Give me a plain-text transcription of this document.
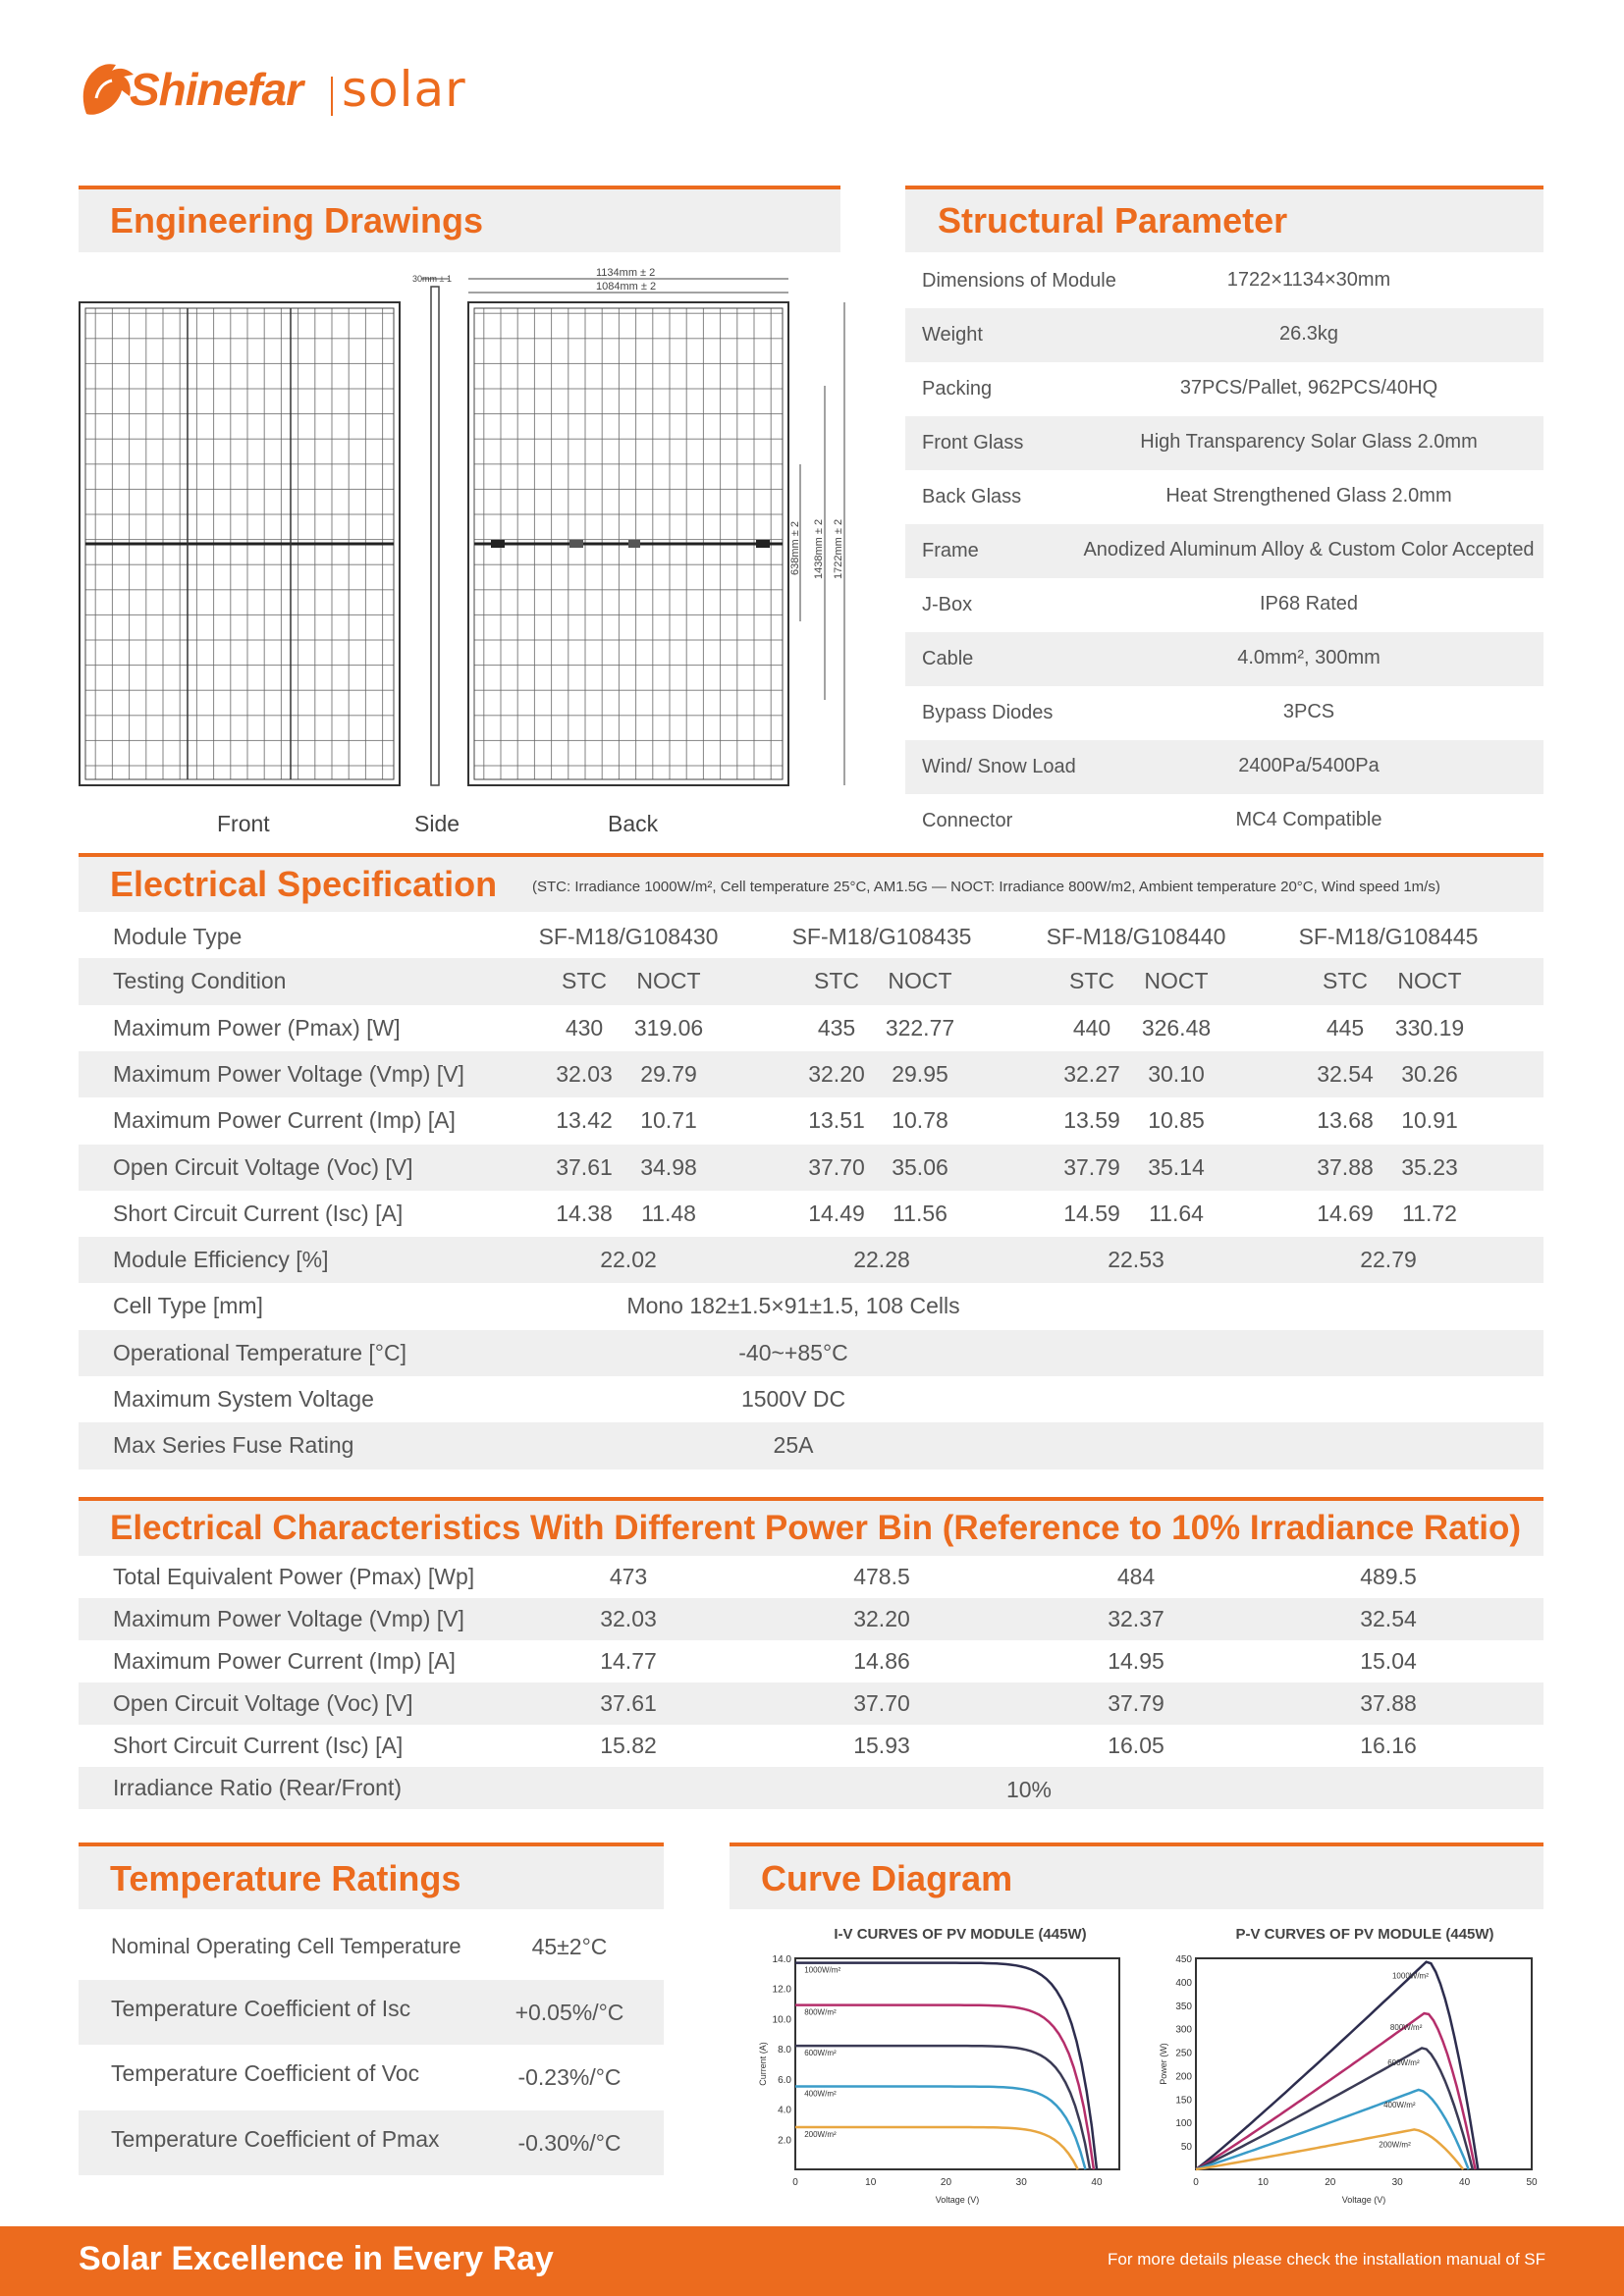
Shinefar solar
Engineering Drawings
30mm ± 1	1134mm ± 2
1084mm ± 2
638mm ± 2 1438mm ± 2 1722mm ± 2
Front	Side	Back
Structural Parameter
Dimensions of Module	1722×1134×30mm
Weight	26.3kg
Packing	37PCS/Pallet, 962PCS/40HQ
Front Glass	High Transparency Solar Glass 2.0mm
Back Glass	Heat Strengthened Glass 2.0mm
Frame	Anodized Aluminum Alloy & Custom Color Accepted
J-Box	IP68 Rated
Cable	4.0mm², 300mm
Bypass Diodes	3PCS
Wind/ Snow Load	2400Pa/5400Pa
Connector	MC4 Compatible
Electrical Specification (STC: Irradiance 1000W/m², Cell temperature 25°C, AM1.5G — NOCT: Irradiance 800W/m2, Ambient temperature 20°C, Wind speed 1m/s)
Module Type	SF-M18/G108430	SF-M18/G108435	SF-M18/G108440	SF-M18/G108445
Testing Condition	STC	NOCT	STC	NOCT	STC	NOCT	STC	NOCT
Maximum Power (Pmax) [W]	430	319.06	435	322.77	440	326.48	445	330.19
Maximum Power Voltage (Vmp) [V]	32.03	29.79	32.20	29.95	32.27	30.10	32.54	30.26
Maximum Power Current (Imp) [A]	13.42	10.71	13.51	10.78	13.59	10.85	13.68	10.91
Open Circuit Voltage (Voc) [V]	37.61	34.98	37.70	35.06	37.79	35.14	37.88	35.23
Short Circuit Current (Isc) [A]	14.38	11.48	14.49	11.56	14.59	11.64	14.69	11.72
Module Efficiency [%]	22.02	22.28	22.53	22.79
Cell Type [mm]	Mono 182±1.5×91±1.5, 108 Cells
Operational Temperature [°C]	-40~+85°C
Maximum System Voltage	1500V DC
Max Series Fuse Rating	25A
Electrical Characteristics With Different Power Bin (Reference to 10% Irradiance Ratio)
Total Equivalent Power (Pmax) [Wp]	473	478.5	484	489.5
Maximum Power Voltage (Vmp) [V]	32.03	32.20	32.37	32.54
Maximum Power Current (Imp) [A]	14.77	14.86	14.95	15.04
Open Circuit Voltage (Voc) [V]	37.61	37.70	37.79	37.88
Short Circuit Current (Isc) [A]	15.82	15.93	16.05	16.16
Irradiance Ratio (Rear/Front)	10%
Temperature Ratings
Nominal Operating Cell Temperature	45±2°C
Temperature Coefficient of Isc	+0.05%/°C
Temperature Coefficient of Voc	-0.23%/°C
Temperature Coefficient of Pmax	-0.30%/°C
Curve Diagram
I-V CURVES OF PV MODULE (445W)	P-V CURVES OF PV MODULE (445W)
0	10	20	30	40
2.0
4.0
6.0
8.0
10.0
12.0
14.0
Voltage (V)
Current (A)
1000W/m²
800W/m²
600W/m²
400W/m²
200W/m²
0	10	20	30	40	50
50
100
150
200
250
300
350
400
450
Voltage (V)
Power (W)
1000W/m²
800W/m²
600W/m²
400W/m²
200W/m²
Solar Excellence in Every Ray	For more details please check the installation manual of SF
